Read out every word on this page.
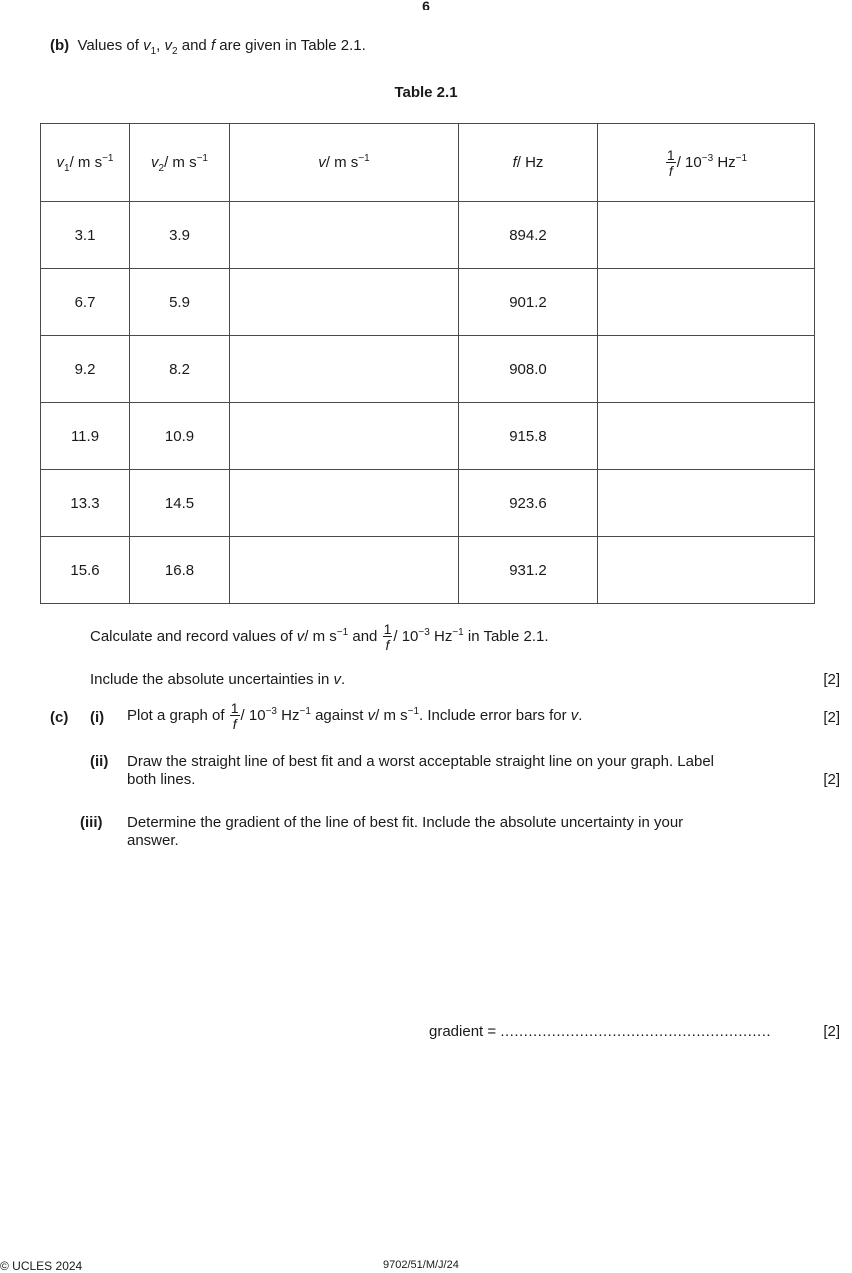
6
(b) Values of $v_1$, $v_2$ and f are given in Table 2.1.
Table 2.1
$v_1/$ m $s^{-1}$	$v_2/$ m $s^{-1}$	v/ m $s^{-1}$	f/ Hz	$\frac{1}{f} / 10^{-3}$ $Hz^{-1}$
3.1	3.9		894.2	
6.7	5.9		901.2	
9.2	8.2		908.0	
11.9	10.9		915.8	
13.3	14.5		923.6	
15.6	16.8		931.2	
Calculate and record values of v/ m $s^{-1}$ and $\frac{1}{f} / 10^{-3}$ $Hz^{-1}$ in Table 2.1.
Include the absolute uncertainties in v.	[2]
(c) (i) Plot a graph of $\frac{1}{f} / 10^{-3}$ $Hz^{-1}$ against v/ m $s^{-1}$. Include error bars for v.	[2]
(ii) Draw the straight line of best fit and a worst acceptable straight line on your graph. Label
both lines.	[2]
(iii) Determine the gradient of the line of best fit. Include the absolute uncertainty in your
answer.
gradient = ..........................................................	[2]
© UCLES 2024	9702/51/M/J/24
